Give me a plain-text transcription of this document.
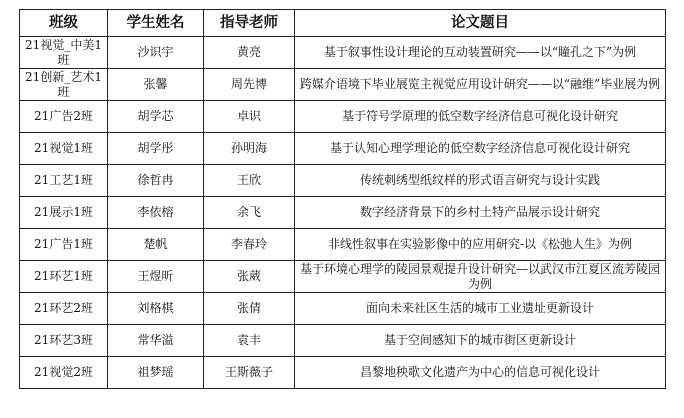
班级	学生姓名	指导老师	论文题目
21视觉_中美1班	沙识宇	黄亮	基于叙事性设计理论的互动装置研究——以“瞳孔之下”为例
21创新_艺术1班	张馨	周先博	跨媒介语境下毕业展览主视觉应用设计研究——以“融维”毕业展为例
21广告2班	胡学芯	卓识	基于符号学原理的低空数字经济信息可视化设计研究
21视觉1班	胡学彤	孙明海	基于认知心理学理论的低空数字经济信息可视化设计研究
21工艺1班	徐哲冉	王欣	传统刺绣型纸纹样的形式语言研究与设计实践
21展示1班	李依榕	余飞	数字经济背景下的乡村土特产品展示设计研究
21广告1班	楚帆	李春玲	非线性叙事在实验影像中的应用研究-以《松弛人生》为例
21环艺1班	王煜昕	张葳	基于环境心理学的陵园景观提升设计研究—以武汉市江夏区流芳陵园为例
21环艺2班	刘格棋	张倩	面向未来社区生活的城市工业遗址更新设计
21环艺3班	常华溢	袁丰	基于空间感知下的城市街区更新设计
21视觉2班	祖梦瑶	王斯薇子	昌黎地秧歌文化遗产为中心的信息可视化设计
